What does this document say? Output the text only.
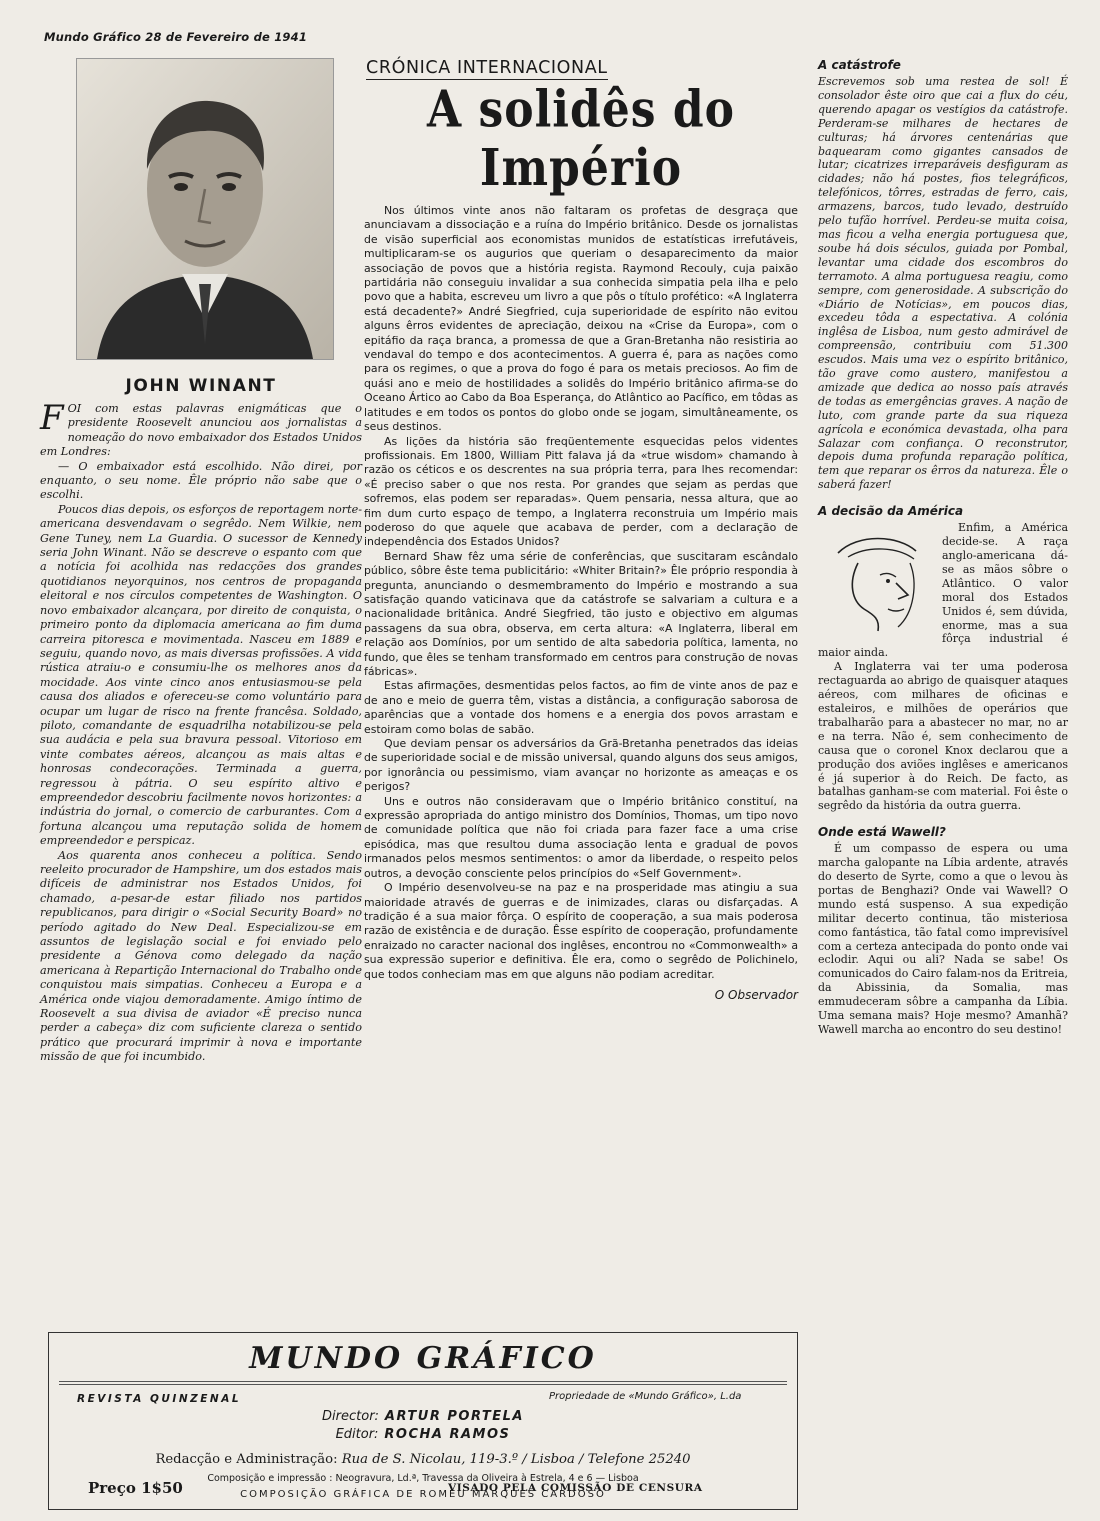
Mundo Gráfico 28 de Fevereiro de 1941
JOHN WINANT

FOI com estas palavras enigmáticas que o presidente Roosevelt anunciou aos jornalistas a nomeação do novo embaixador dos Estados Unidos em Londres:

— O embaixador está escolhido. Não direi, por enquanto, o seu nome. Êle próprio não sabe que o escolhi.

Poucos dias depois, os esforços de reportagem norte-americana desvendavam o segrêdo. Nem Wilkie, nem Gene Tuney, nem La Guardia. O sucessor de Kennedy seria John Winant. Não se descreve o espanto com que a notícia foi acolhida nas redacções dos grandes quotidianos neyorquinos, nos centros de propaganda eleitoral e nos círculos competentes de Washington. O novo embaixador alcançara, por direito de conquista, o primeiro ponto da diplomacia americana ao fim duma carreira pitoresca e movimentada. Nasceu em 1889 e seguiu, quando novo, as mais diversas profissões. A vida rústica atraiu-o e consumiu-lhe os melhores anos da mocidade. Aos vinte cinco anos entusiasmou-se pela causa dos aliados e ofereceu-se como voluntário para ocupar um lugar de risco na frente francêsa. Soldado, piloto, comandante de esquadrilha notabilizou-se pela sua audácia e pela sua bravura pessoal. Vitorioso em vinte combates aéreos, alcançou as mais altas e honrosas condecorações. Terminada a guerra, regressou à pátria. O seu espírito altivo e empreendedor descobriu facilmente novos horizontes: a indústria do jornal, o comercio de carburantes. Com a fortuna alcançou uma reputação solida de homem empreendedor e perspicaz.

Aos quarenta anos conheceu a política. Sendo reeleito procurador de Hampshire, um dos estados mais difíceis de administrar nos Estados Unidos, foi chamado, a-pesar-de estar filiado nos partidos republicanos, para dirigir o «Social Security Board» no período agitado do New Deal. Especializou-se em assuntos de legislação social e foi enviado pelo presidente a Génova como delegado da nação americana à Repartição Internacional do Trabalho onde conquistou mais simpatias. Conheceu a Europa e a América onde viajou demoradamente. Amigo íntimo de Roosevelt a sua divisa de aviador «É preciso nunca perder a cabeça» diz com suficiente clareza o sentido prático que procurará imprimir à nova e importante missão de que foi incumbido.

CRÓNICA INTERNACIONAL
A solidês do Império

Nos últimos vinte anos não faltaram os profetas de desgraça que anunciavam a dissociação e a ruína do Império britânico. Desde os jornalistas de visão superficial aos economistas munidos de estatísticas irrefutáveis, multiplicaram-se os augurios que queriam o desaparecimento da maior associação de povos que a história regista. Raymond Recouly, cuja paixão partidária não conseguiu invalidar a sua conhecida simpatia pela ilha e pelo povo que a habita, escreveu um livro a que pôs o título profético: «A Inglaterra está decadente?» André Siegfried, cuja superioridade de espírito não evitou alguns êrros evidentes de apreciação, deixou na «Crise da Europa», com o epitáfio da raça branca, a promessa de que a Gran-Bretanha não resistiria ao vendaval do tempo e dos acontecimentos. A guerra é, para as nações como para os regimes, o que a prova do fogo é para os metais preciosos. Ao fim de quási ano e meio de hostilidades a solidês do Império britânico afirma-se do Oceano Ártico ao Cabo da Boa Esperança, do Atlântico ao Pacífico, em tôdas as latitudes e em todos os pontos do globo onde se jogam, simultâneamente, os seus destinos.

As lições da história são freqüentemente esquecidas pelos videntes profissionais. Em 1800, William Pitt falava já da «true wisdom» chamando à razão os céticos e os descrentes na sua própria terra, para lhes recomendar: «É preciso saber o que nos resta. Por grandes que sejam as perdas que sofremos, elas podem ser reparadas». Quem pensaria, nessa altura, que ao fim dum curto espaço de tempo, a Inglaterra reconstruia um Império mais poderoso do que aquele que acabava de perder, com a declaração de independência dos Estados Unidos?

Bernard Shaw fêz uma série de conferências, que suscitaram escândalo público, sôbre êste tema publicitário: «Whiter Britain?» Êle próprio respondia à pregunta, anunciando o desmembramento do Império e mostrando a sua satisfação quando vaticinava que da catástrofe se salvariam a cultura e a nacionalidade britânica. André Siegfried, tão justo e objectivo em algumas passagens da sua obra, observa, em certa altura: «A Inglaterra, liberal em relação aos Domínios, por um sentido de alta sabedoria política, lamenta, no fundo, que êles se tenham transformado em centros para construção de novas fábricas».

Estas afirmações, desmentidas pelos factos, ao fim de vinte anos de paz e de ano e meio de guerra têm, vistas a distância, a configuração saborosa de aparências que a vontade dos homens e a energia dos povos arrastam e estoiram como bolas de sabão.

Que deviam pensar os adversários da Grã-Bretanha penetrados das ideias de superioridade social e de missão universal, quando alguns dos seus amigos, por ignorância ou pessimismo, viam avançar no horizonte as ameaças e os perigos?

Uns e outros não consideravam que o Império britânico constituí, na expressão apropriada do antigo ministro dos Domínios, Thomas, um tipo novo de comunidade política que não foi criada para fazer face a uma crise episódica, mas que resultou duma associação lenta e gradual de povos irmanados pelos mesmos sentimentos: o amor da liberdade, o respeito pelos outros, a devoção consciente pelos princípios do «Self Government».

O Império desenvolveu-se na paz e na prosperidade mas atingiu a sua maioridade através de guerras e de inimizades, claras ou disfarçadas. A tradição é a sua maior fôrça. O espírito de cooperação, a sua mais poderosa razão de existência e de duração. Êsse espírito de cooperação, profundamente enraizado no caracter nacional dos inglêses, encontrou no «Commonwealth» a sua expressão superior e definitiva. Êle era, como o segrêdo de Polichinelo, que todos conheciam mas em que alguns não podiam acreditar.

O Observador
A catástrofe

Escrevemos sob uma restea de sol! É consolador êste oiro que cai a flux do céu, querendo apagar os vestígios da catástrofe. Perderam-se milhares de hectares de culturas; há árvores centenárias que baquearam como gigantes cansados de lutar; cicatrizes irreparáveis desfiguram as cidades; não há postes, fios telegráficos, telefónicos, tôrres, estradas de ferro, cais, armazens, barcos, tudo levado, destruído pelo tufão horrível. Perdeu-se muita coisa, mas ficou a velha energia portuguesa que, soube há dois séculos, guiada por Pombal, levantar uma cidade dos escombros do terramoto. A alma portuguesa reagiu, como sempre, com generosidade. A subscrição do «Diário de Notícias», em poucos dias, excedeu tôda a espectativa. A colónia inglêsa de Lisboa, num gesto admirável de compreensão, contribuiu com 51.300 escudos. Mais uma vez o espírito britânico, tão grave como austero, manifestou a amizade que dedica ao nosso país através de todas as emergências graves. A nação de luto, com grande parte da sua riqueza agrícola e económica devastada, olha para Salazar com confiança. O reconstrutor, depois duma profunda reparação política, tem que reparar os êrros da natureza. Êle o saberá fazer!

A decisão da América

Enfim, a América decide-se. A raça anglo-americana dá-se as mãos sôbre o Atlântico. O valor moral dos Estados Unidos é, sem dúvida, enorme, mas a sua fôrça industrial é maior ainda.

A Inglaterra vai ter uma poderosa rectaguarda ao abrigo de quaisquer ataques aéreos, com milhares de oficinas e estaleiros, e milhões de operários que trabalharão para a abastecer no mar, no ar e na terra. Não é, sem conhecimento de causa que o coronel Knox declarou que a produção dos aviões inglêses e americanos é já superior à do Reich. De facto, as batalhas ganham-se com material. Foi êste o segrêdo da história da outra guerra.

Onde está Wawell?

É um compasso de espera ou uma marcha galopante na Líbia ardente, através do deserto de Syrte, como a que o levou às portas de Benghazi? Onde vai Wawell? O mundo está suspenso. A sua expedição militar decerto continua, tão misteriosa como fantástica, tão fatal como imprevisível com a certeza antecipada do ponto onde vai eclodir. Aqui ou ali? Nada se sabe! Os comunicados do Cairo falam-nos da Eritreia, da Abissinia, da Somalia, mas emmudeceram sôbre a campanha da Líbia. Uma semana mais? Hoje mesmo? Amanhã? Wawell marcha ao encontro do seu destino!

MUNDO GRÁFICO
REVISTA QUINZENAL	Propriedade de «Mundo Gráfico», L.da
Director: ARTUR PORTELA
Editor: ROCHA RAMOS
Redacção e Administração: Rua de S. Nicolau, 119-3.º / Lisboa / Telefone 25240
Composição e impressão : Neogravura, Ld.ª, Travessa da Oliveira à Estrela, 4 e 6 — Lisboa
COMPOSIÇÃO GRÁFICA DE ROMEU MARQUES CARDOSO
Preço 1$50	VISADO PELA COMISSÃO DE CENSURA
